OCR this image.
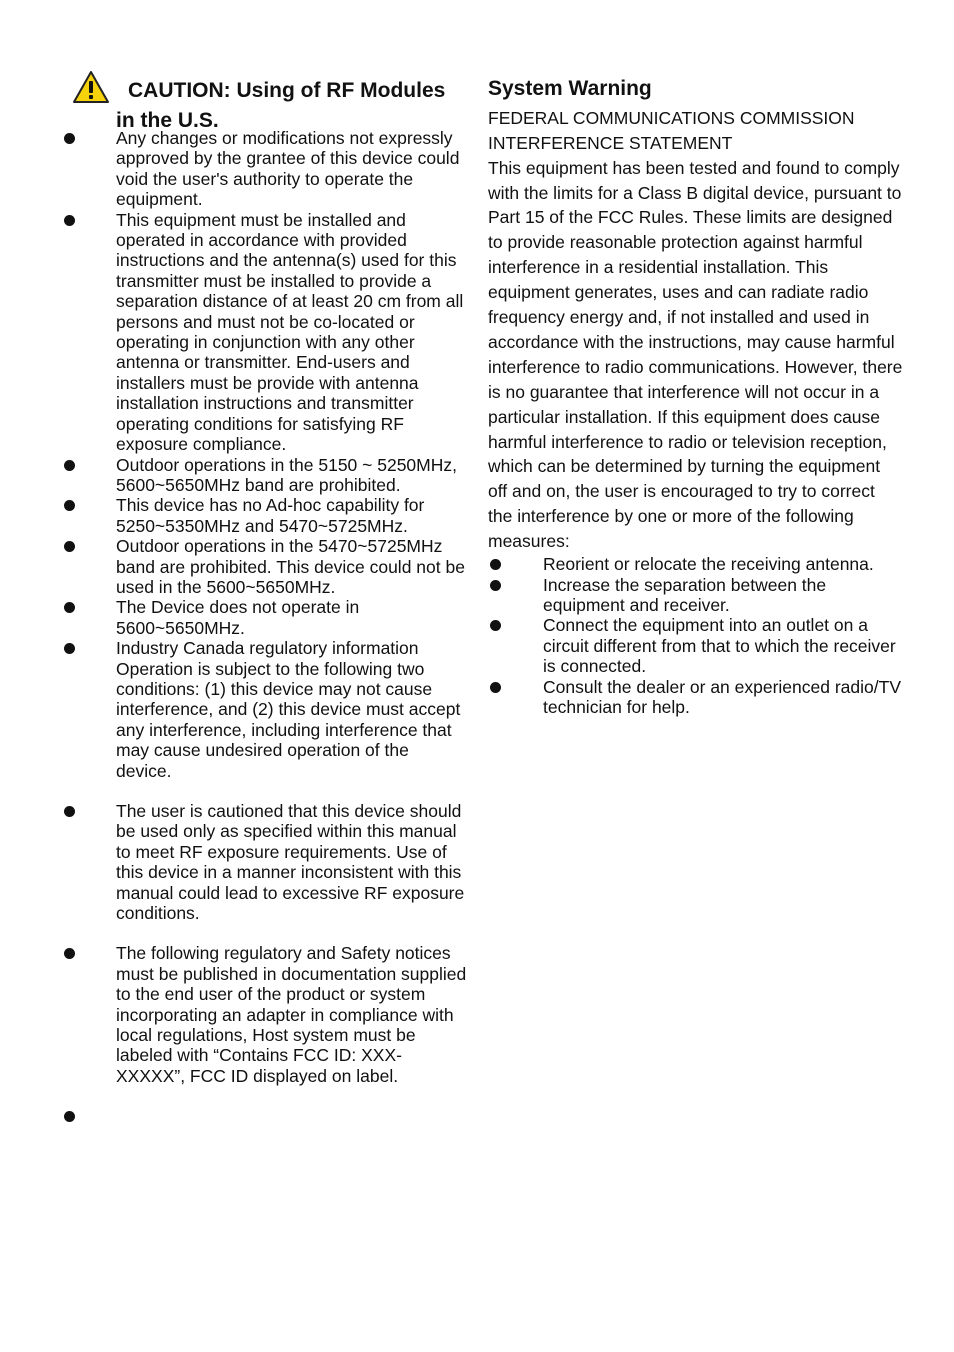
CAUTION: Using of RF Modules
in the U.S.
Any changes or modifications not expressly approved by the grantee of this device could void the user's authority to operate the equipment.
This equipment must be installed and operated in accordance with provided instructions and the antenna(s) used for this transmitter must be installed to provide a separation distance of at least 20 cm from all persons and must not be co-located or operating in conjunction with any other antenna or transmitter. End-users and installers must be provide with antenna installation instructions and transmitter operating conditions for satisfying RF exposure compliance.
Outdoor operations in the 5150 ~ 5250MHz, 5600~5650MHz band are prohibited.
This device has no Ad-hoc capability for 5250~5350MHz and 5470~5725MHz.
Outdoor operations in the 5470~5725MHz band are prohibited. This device could not be used in the 5600~5650MHz.
The Device does not operate in 5600~5650MHz.
Industry Canada regulatory information Operation is subject to the following two conditions: (1) this device may not cause interference, and (2) this device must accept any interference, including interference that may cause undesired operation of the device.
The user is cautioned that this device should be used only as specified within this manual to meet RF exposure requirements. Use of this device in a manner inconsistent with this manual could lead to excessive RF exposure conditions.
The following regulatory and Safety notices must be published in documentation supplied to the end user of the product or system incorporating an adapter in compliance with local regulations, Host system must be labeled with “Contains FCC ID: XXX-XXXXX”, FCC ID displayed on label.
System Warning
FEDERAL COMMUNICATIONS COMMISSION
INTERFERENCE STATEMENT

This equipment has been tested and found to comply with the limits for a Class B digital device, pursuant to Part 15 of the FCC Rules. These limits are designed to provide reasonable protection against harmful interference in a residential installation. This equipment generates, uses and can radiate radio frequency energy and, if not installed and used in accordance with the instructions, may cause harmful interference to radio communications. However, there is no guarantee that interference will not occur in a particular installation. If this equipment does cause harmful interference to radio or television reception, which can be determined by turning the equipment off and on, the user is encouraged to try to correct the interference by one or more of the following measures:

Reorient or relocate the receiving antenna.
Increase the separation between the equipment and receiver.
Connect the equipment into an outlet on a circuit different from that to which the receiver is connected.
Consult the dealer or an experienced radio/TV technician for help.
